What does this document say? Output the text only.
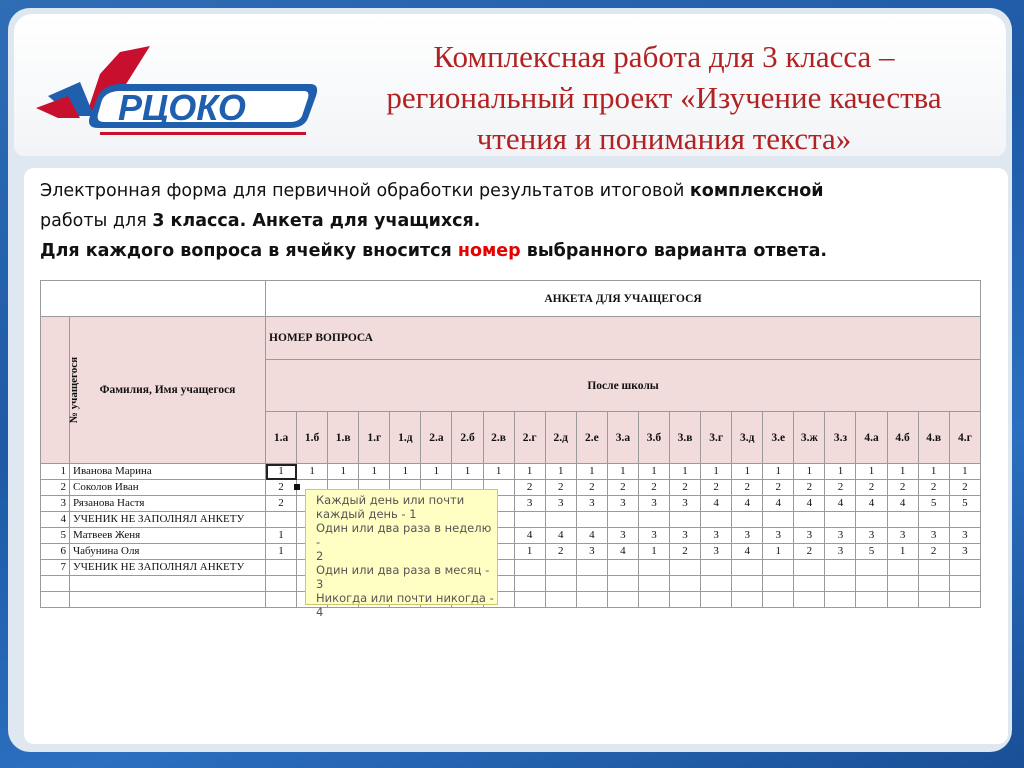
РЦОКО
Комплексная работа для 3 класса – региональный проект «Изучение качества чтения и понимания текста»
Электронная форма для первичной обработки результатов итоговой комплексной
работы для 3 класса. Анкета для учащихся.
Для каждого вопроса в ячейку вносится номер выбранного варианта ответа.
		АНКЕТА ДЛЯ УЧАЩЕГОСЯ																						
№ учащегося	Фамилия, Имя учащегося	НОМЕР ВОПРОСА																						
		После школы																						
		1.а	1.б	1.в	1.г	1.д	2.а	2.б	2.в	2.г	2.д	2.е	3.а	3.б	3.в	3.г	3.д	3.е	3.ж	3.з	4.а	4.б	4.в	4.г
1	Иванова Марина	1	1	1	1	1	1	1	1	1	1	1	1	1	1	1	1	1	1	1	1	1	1	1
2	Соколов Иван	2								2	2	2	2	2	2	2	2	2	2	2	2	2	2	2
3	Рязанова Настя	2								3	3	3	3	3	3	4	4	4	4	4	4	4	5	5
4	УЧЕНИК НЕ ЗАПОЛНЯЛ АНКЕТУ																							
5	Матвеев Женя	1								4	4	4	3	3	3	3	3	3	3	3	3	3	3	3
6	Чабунина Оля	1								1	2	3	4	1	2	3	4	1	2	3	5	1	2	3
7	УЧЕНИК НЕ ЗАПОЛНЯЛ АНКЕТУ																							

Каждый день или почти
каждый день - 1
Один или два раза в неделю -
2
Один или два раза в месяц - 3
Никогда или почти никогда -
4
